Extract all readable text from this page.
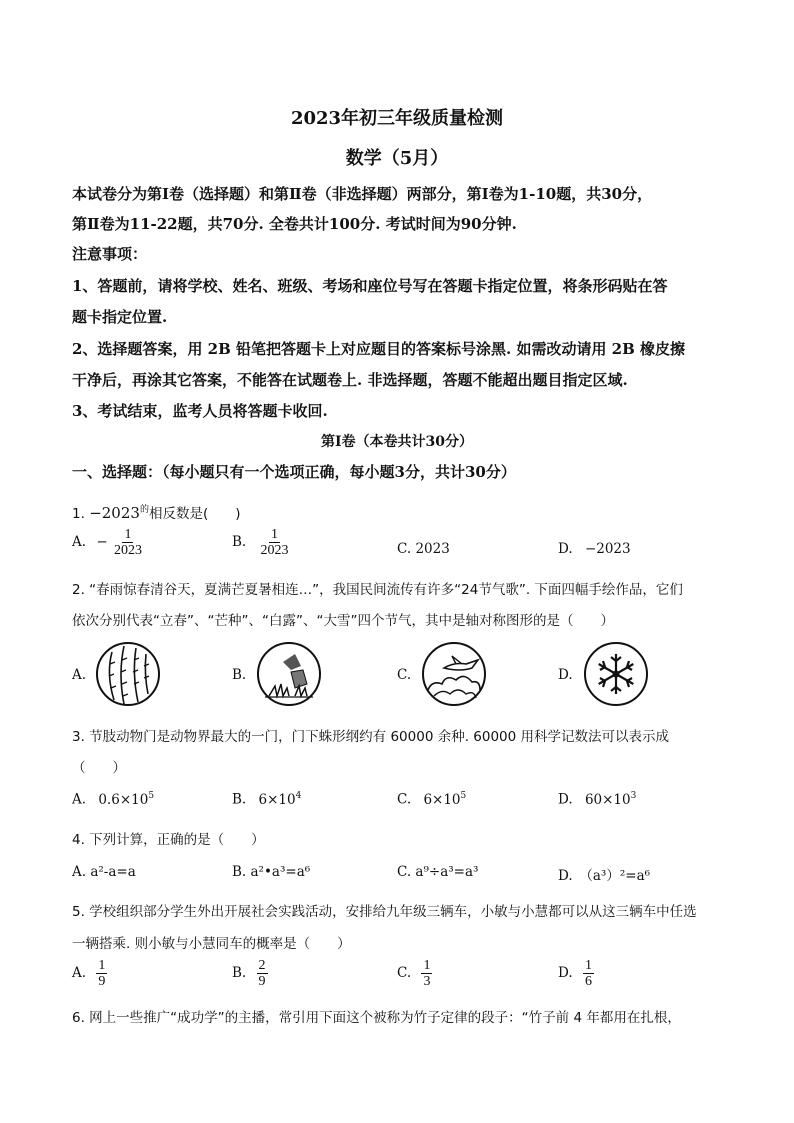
2023年初三年级质量检测
数学（5月）
本试卷分为第Ⅰ卷（选择题）和第Ⅱ卷（非选择题）两部分，第Ⅰ卷为1-10题，共30分，
第Ⅱ卷为11-22题，共70分. 全卷共计100分. 考试时间为90分钟.
注意事项：
1、答题前，请将学校、姓名、班级、考场和座位号写在答题卡指定位置，将条形码贴在答
题卡指定位置.
2、选择题答案，用 2B 铅笔把答题卡上对应题目的答案标号涂黑. 如需改动请用 2B 橡皮擦
干净后，再涂其它答案，不能答在试题卷上. 非选择题，答题不能超出题目指定区域.
3、考试结束，监考人员将答题卡收回.
第Ⅰ卷（本卷共计30分）
一、选择题：（每小题只有一个选项正确，每小题3分，共计30分）
1. $-2023^的$相反数是(　　)
A. − $\frac{1}{2023}$	B. $\frac{1}{2023}$	C. 2023	D. −2023
2. “春雨惊春清谷天，夏满芒夏暑相连…”，我国民间流传有许多“24节气歌”. 下面四幅手绘作品，它们
依次分别代表“立春”、“芒种”、“白露”、“大雪”四个节气，其中是轴对称图形的是（　　）
A.	B.	C.	D.
3. 节肢动物门是动物界最大的一门，门下蛛形纲约有 60000 余种. 60000 用科学记数法可以表示成
（　　）
A. $0.6\times 10^5$	B. $6\times 10^4$	C. $6\times 10^5$	D. $60\times 10^3$
4. 下列计算，正确的是（　　）
A. a²-a=a	B. a²•a³=a⁶	C. a⁹÷a³=a³	D.　（a³）²=a⁶
5. 学校组织部分学生外出开展社会实践活动，安排给九年级三辆车，小敏与小慧都可以从这三辆车中任选
一辆搭乘. 则小敏与小慧同车的概率是（　　）
A. $\frac{1}{9}$	B. $\frac{2}{9}$	C. $\frac{1}{3}$	D. $\frac{1}{6}$
6. 网上一些推广“成功学”的主播，常引用下面这个被称为竹子定律的段子：“竹子前 4 年都用在扎根，
